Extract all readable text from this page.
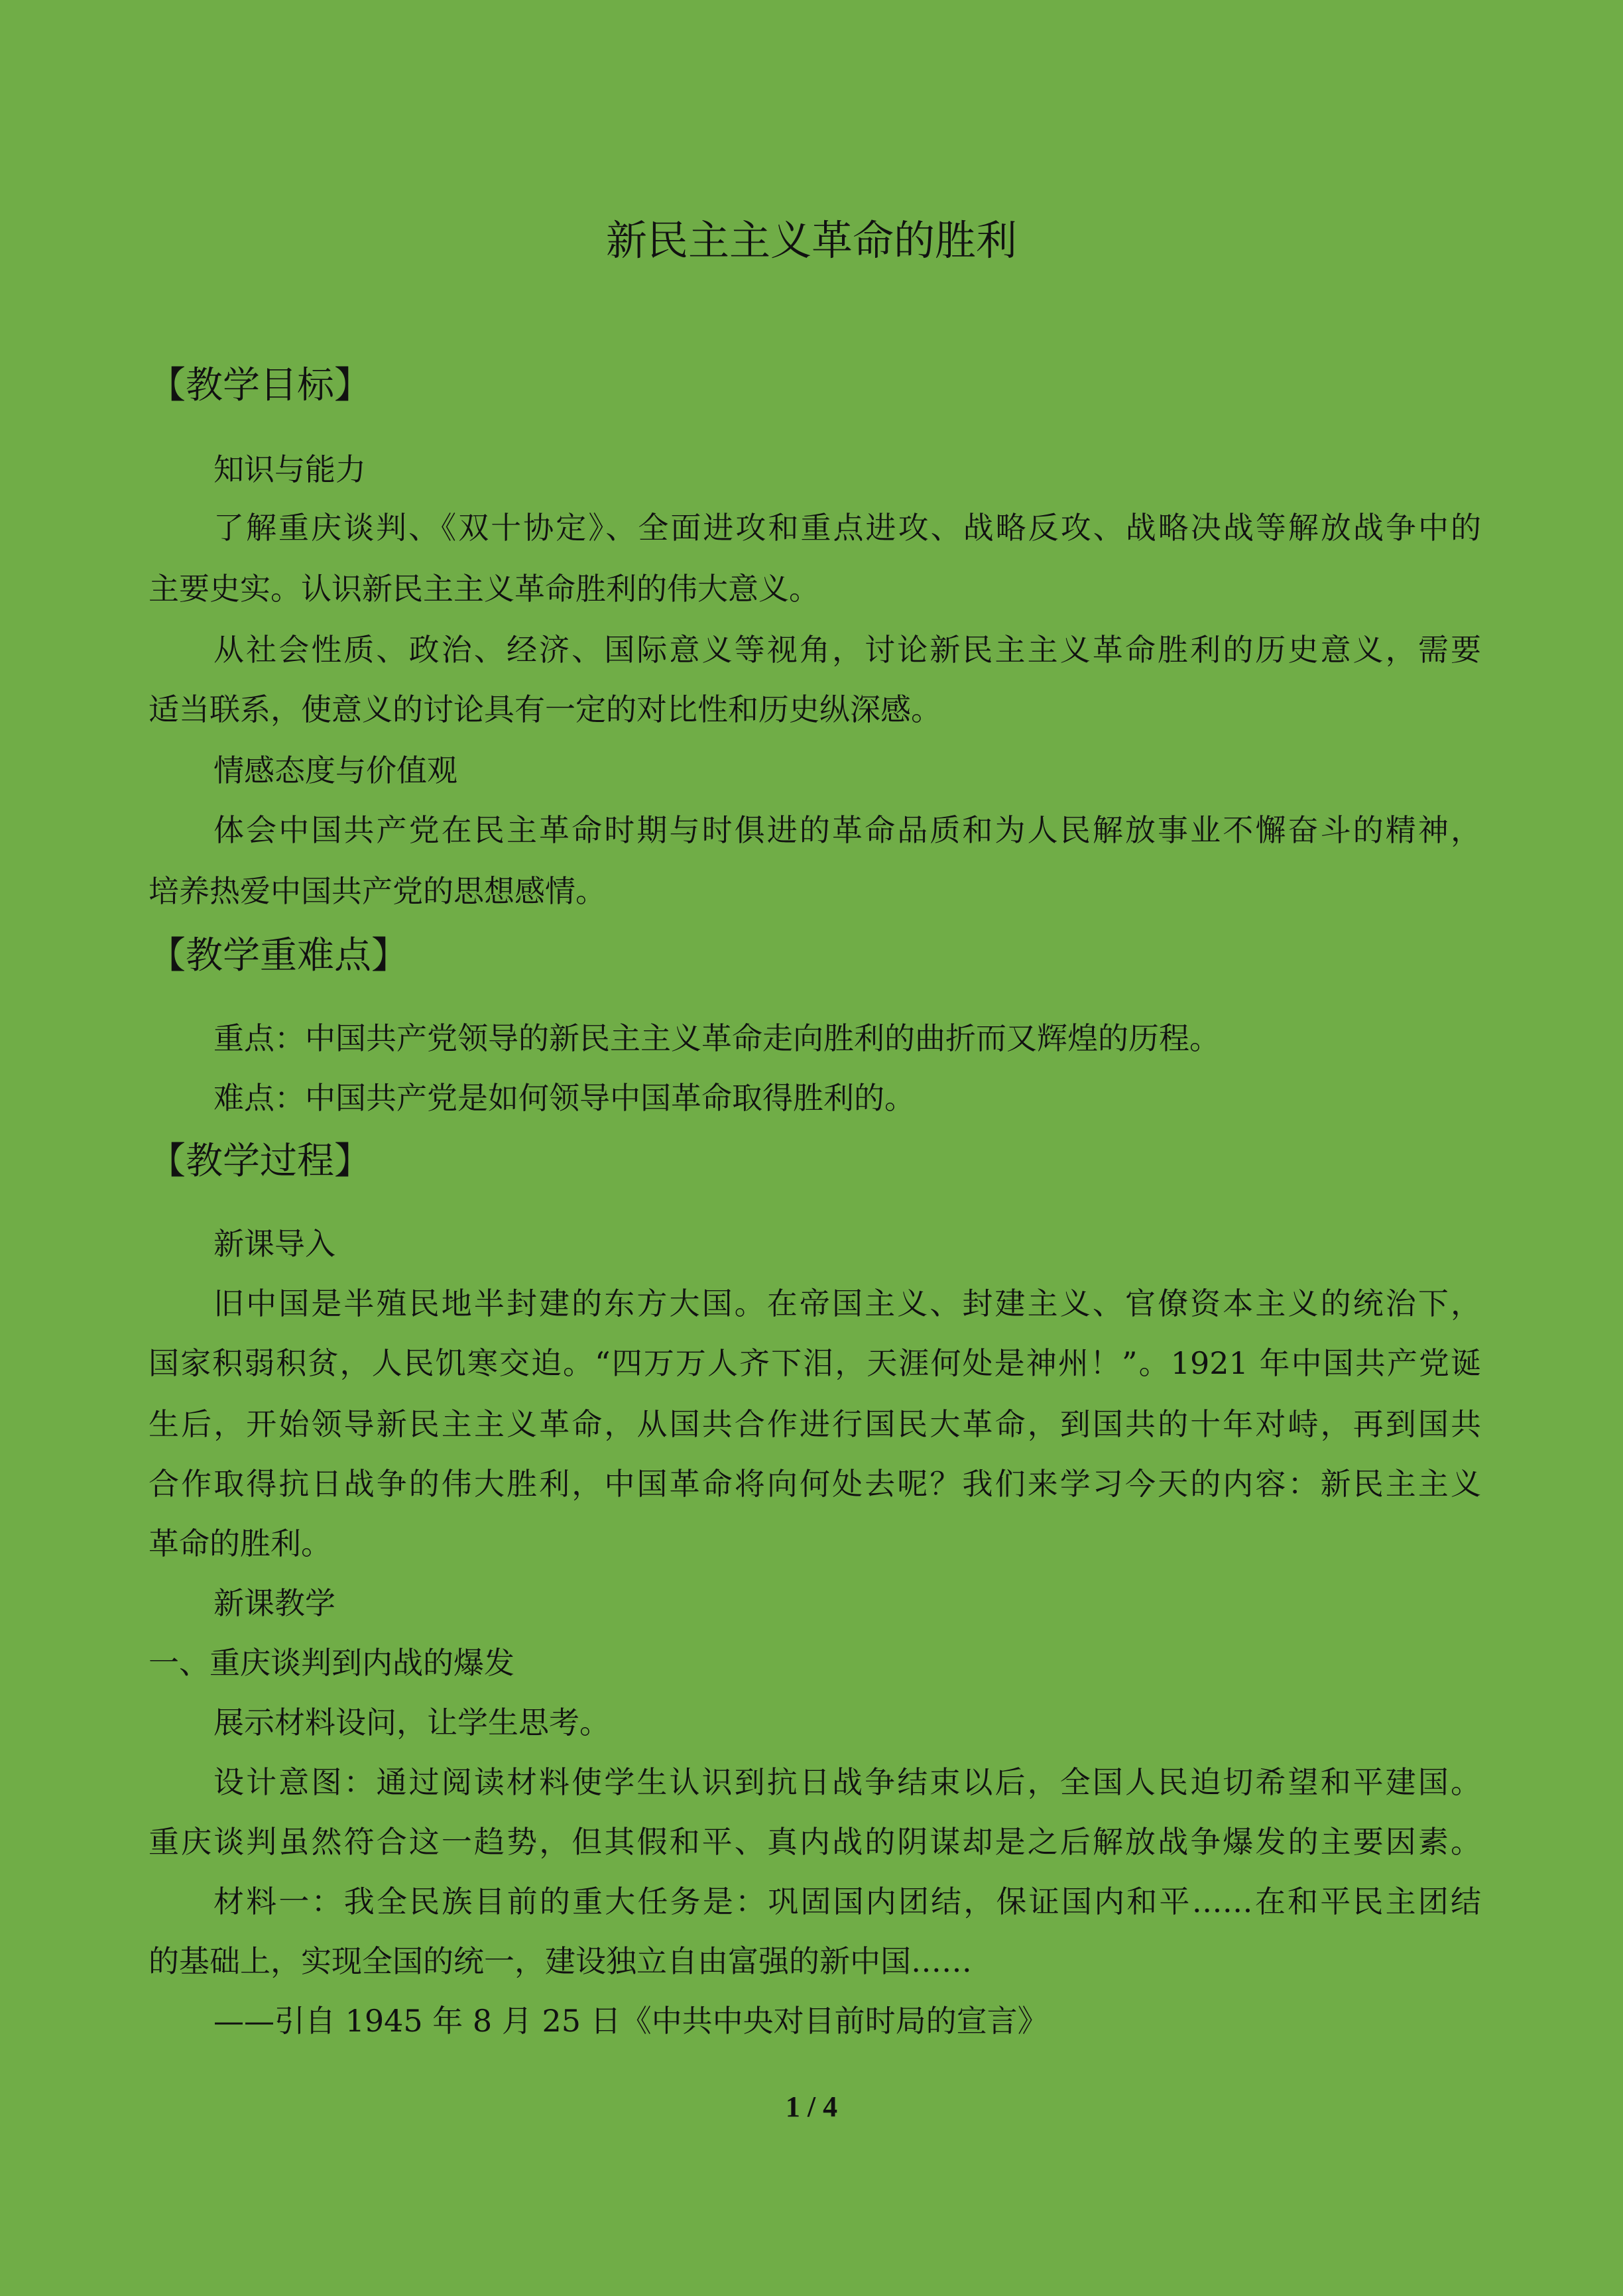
新民主主义革命的胜利
【教学目标】
知识与能力
了解重庆谈判、《双十协定》、全面进攻和重点进攻、战略反攻、战略决战等解放战争中的
主要史实。认识新民主主义革命胜利的伟大意义。
从社会性质、政治、经济、国际意义等视角，讨论新民主主义革命胜利的历史意义，需要
适当联系，使意义的讨论具有一定的对比性和历史纵深感。
情感态度与价值观
体会中国共产党在民主革命时期与时俱进的革命品质和为人民解放事业不懈奋斗的精神，
培养热爱中国共产党的思想感情。
【教学重难点】
重点：中国共产党领导的新民主主义革命走向胜利的曲折而又辉煌的历程。
难点：中国共产党是如何领导中国革命取得胜利的。
【教学过程】
新课导入
旧中国是半殖民地半封建的东方大国。在帝国主义、封建主义、官僚资本主义的统治下，
国家积弱积贫，人民饥寒交迫。“四万万人齐下泪，天涯何处是神州！”。1921 年中国共产党诞
生后，开始领导新民主主义革命，从国共合作进行国民大革命，到国共的十年对峙，再到国共
合作取得抗日战争的伟大胜利，中国革命将向何处去呢？我们来学习今天的内容：新民主主义
革命的胜利。
新课教学
一、重庆谈判到内战的爆发
展示材料设问，让学生思考。
设计意图：通过阅读材料使学生认识到抗日战争结束以后，全国人民迫切希望和平建国。
重庆谈判虽然符合这一趋势，但其假和平、真内战的阴谋却是之后解放战争爆发的主要因素。
材料一：我全民族目前的重大任务是：巩固国内团结，保证国内和平……在和平民主团结
的基础上，实现全国的统一，建设独立自由富强的新中国……
——引自 1945 年 8 月 25 日《中共中央对目前时局的宣言》
1 / 4
